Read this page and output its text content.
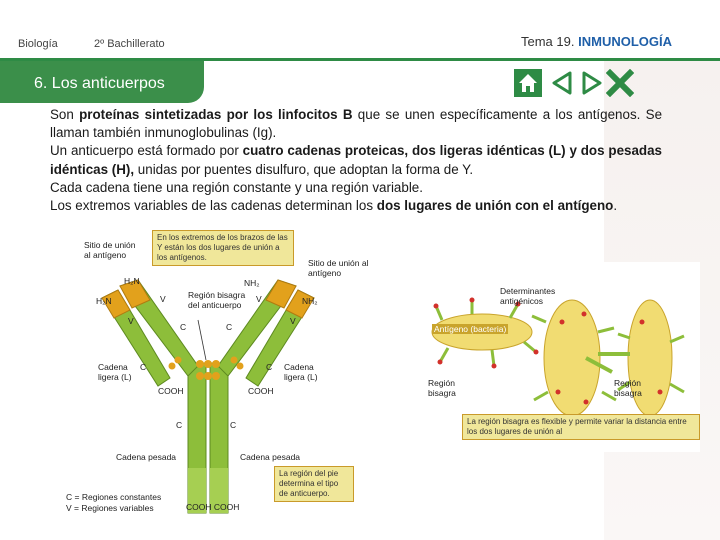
Biología	2º Bachillerato	Tema 19. INMUNOLOGÍA
6. Los anticuerpos

Son proteínas sintetizadas por los linfocitos B que se unen específicamente a los antígenos. Se llaman también inmunoglobulinas (Ig).

Un anticuerpo está formado por cuatro cadenas proteicas, dos ligeras idénticas (L) y dos pesadas idénticas (H), unidas por puentes disulfuro, que adoptan la forma de Y.

Cada cadena tiene una región constante y una región variable.

Los extremos variables de las cadenas determinan los dos lugares de unión con el antígeno.

Sitio de unión al antígeno
Sitio de unión al antígeno
En los extremos de los brazos de las Y están los dos lugares de unión a los antígenos.
Región bisagra del anticuerpo
H₂N
H₂N
NH₂
NH₂
V
V
V
V
C	C
C	C
C	C
Cadena ligera (L)
Cadena ligera (L)
COOH	COOH
Cadena pesada	Cadena pesada
La región del pie determina el tipo de anticuerpo.
C = Regiones constantes
V = Regiones variables	COOH COOH
Determinantes antigénicos
Antígeno (bacteria)
Región bisagra
Región bisagra
La región bisagra es flexible y permite variar la distancia entre los dos lugares de unión al
